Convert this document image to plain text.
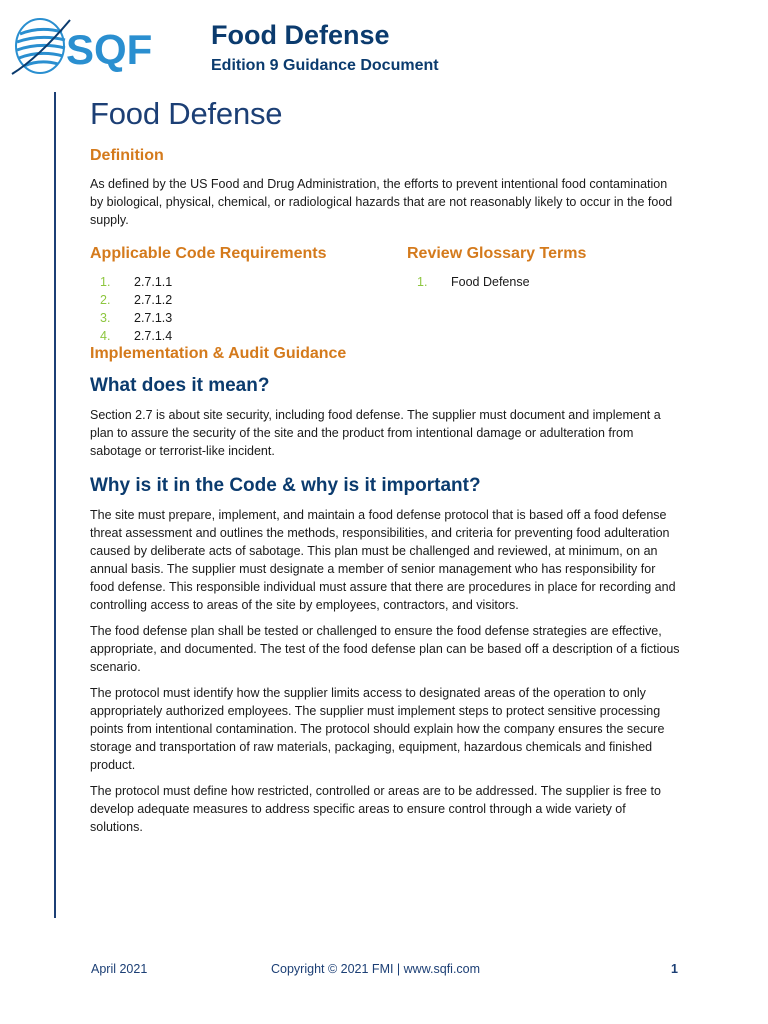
SQF Food Defense
Edition 9 Guidance Document
Food Defense
Definition

As defined by the US Food and Drug Administration, the efforts to prevent intentional food contamination by biological, physical, chemical, or radiological hazards that are not reasonably likely to occur in the food supply.

Applicable Code Requirements
1. 2.7.1.1
2. 2.7.1.2
3. 2.7.1.3
4. 2.7.1.4
Review Glossary Terms
1. Food Defense
Implementation & Audit Guidance
What does it mean?

Section 2.7 is about site security, including food defense. The supplier must document and implement a plan to assure the security of the site and the product from intentional damage or adulteration from sabotage or terrorist-like incident.

Why is it in the Code & why is it important?

The site must prepare, implement, and maintain a food defense protocol that is based off a food defense threat assessment and outlines the methods, responsibilities, and criteria for preventing food adulteration caused by deliberate acts of sabotage. This plan must be challenged and reviewed, at minimum, on an annual basis. The supplier must designate a member of senior management who has responsibility for food defense. This responsible individual must assure that there are procedures in place for recording and controlling access to areas of the site by employees, contractors, and visitors.

The food defense plan shall be tested or challenged to ensure the food defense strategies are effective, appropriate, and documented. The test of the food defense plan can be based off a description of a fictious scenario.

The protocol must identify how the supplier limits access to designated areas of the operation to only appropriately authorized employees. The supplier must implement steps to protect sensitive processing points from intentional contamination. The protocol should explain how the company ensures the secure storage and transportation of raw materials, packaging, equipment, hazardous chemicals and finished product.

The protocol must define how restricted, controlled or areas are to be addressed. The supplier is free to develop adequate measures to address specific areas to ensure control through a wide variety of solutions.

April 2021	Copyright © 2021 FMI | www.sqfi.com	1
